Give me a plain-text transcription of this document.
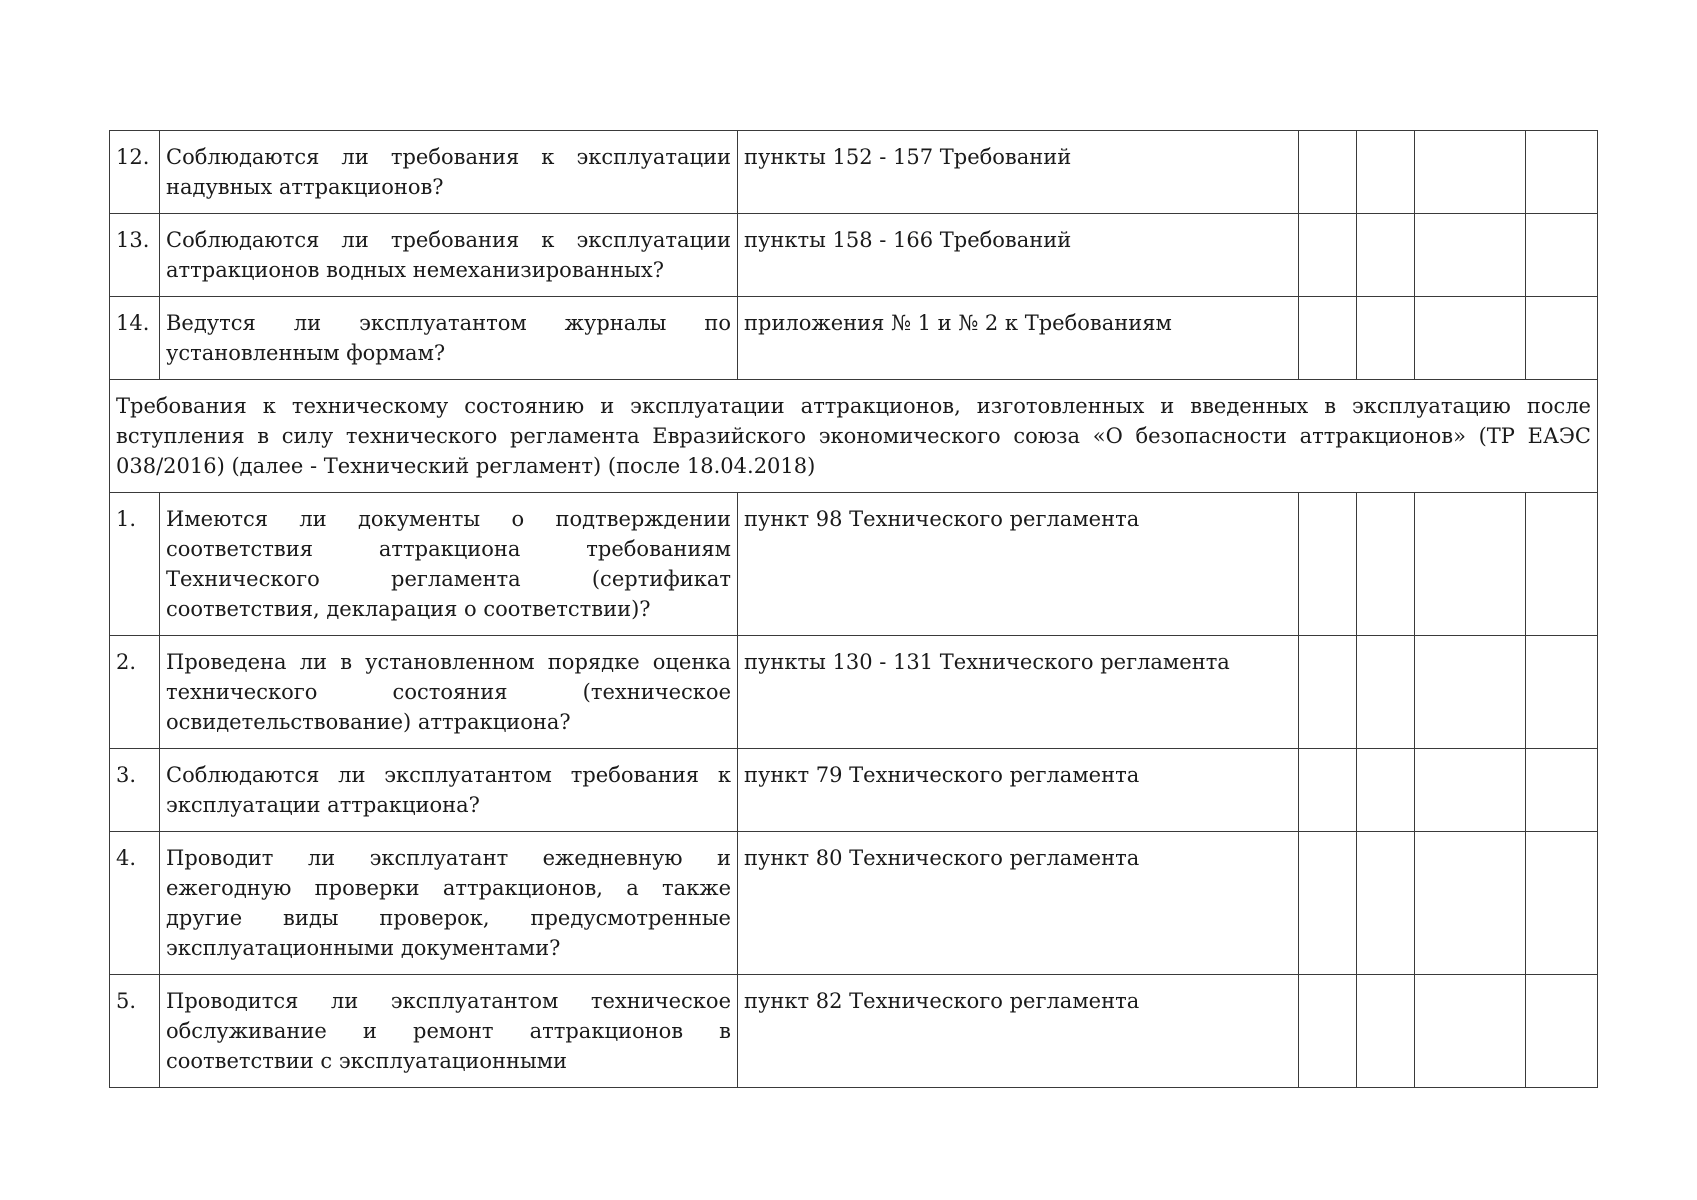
12.	Соблюдаются ли требования к эксплуатации надувных аттракционов?	пункты 152 - 157 Требований				
13.	Соблюдаются ли требования к эксплуатации аттракционов водных немеханизированных?	пункты 158 - 166 Требований				
14.	Ведутся ли эксплуатантом журналы по установленным формам?	приложения № 1 и № 2 к Требованиям				
Требования к техническому состоянию и эксплуатации аттракционов, изготовленных и введенных в эксплуатацию после вступления в силу технического регламента Евразийского экономического союза «О безопасности аттракционов» (ТР ЕАЭС 038/2016) (далее - Технический регламент) (после 18.04.2018)						
1.	Имеются ли документы о подтверждении соответствия аттракциона требованиям Технического регламента (сертификат соответствия, декларация о соответствии)?	пункт 98 Технического регламента				
2.	Проведена ли в установленном порядке оценка технического состояния (техническое освидетельствование) аттракциона?	пункты 130 - 131 Технического регламента				
3.	Соблюдаются ли эксплуатантом требования к эксплуатации аттракциона?	пункт 79 Технического регламента				
4.	Проводит ли эксплуатант ежедневную и ежегодную проверки аттракционов, а также другие виды проверок, предусмотренные эксплуатационными документами?	пункт 80 Технического регламента				
5.	Проводится ли эксплуатантом техническое обслуживание и ремонт аттракционов в соответствии с эксплуатационными	пункт 82 Технического регламента				
